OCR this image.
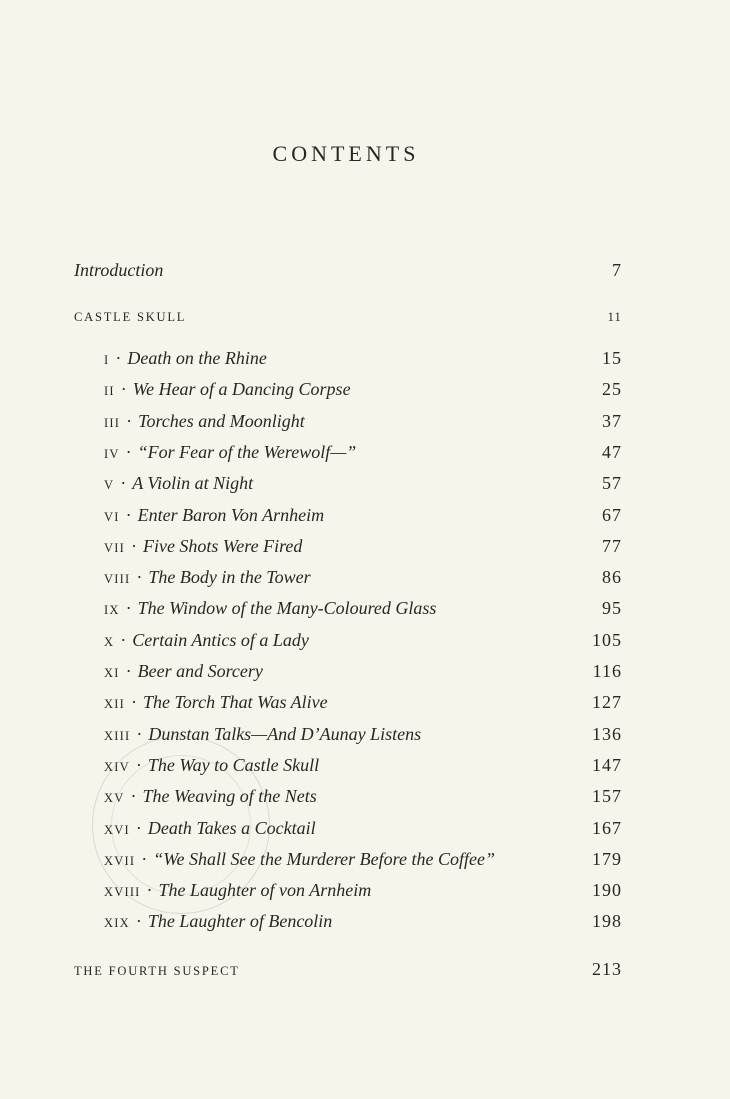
CONTENTS
Introduction	7
CASTLE SKULL	11
I · Death on the Rhine	15
II · We Hear of a Dancing Corpse	25
III · Torches and Moonlight	37
IV · “For Fear of the Werewolf—”	47
V · A Violin at Night	57
VI · Enter Baron Von Arnheim	67
VII · Five Shots Were Fired	77
VIII · The Body in the Tower	86
IX · The Window of the Many-Coloured Glass	95
X · Certain Antics of a Lady	105
XI · Beer and Sorcery	116
XII · The Torch That Was Alive	127
XIII · Dunstan Talks—And D’Aunay Listens	136
XIV · The Way to Castle Skull	147
XV · The Weaving of the Nets	157
XVI · Death Takes a Cocktail	167
XVII · “We Shall See the Murderer Before the Coffee”	179
XVIII · The Laughter of von Arnheim	190
XIX · The Laughter of Bencolin	198
THE FOURTH SUSPECT	213
